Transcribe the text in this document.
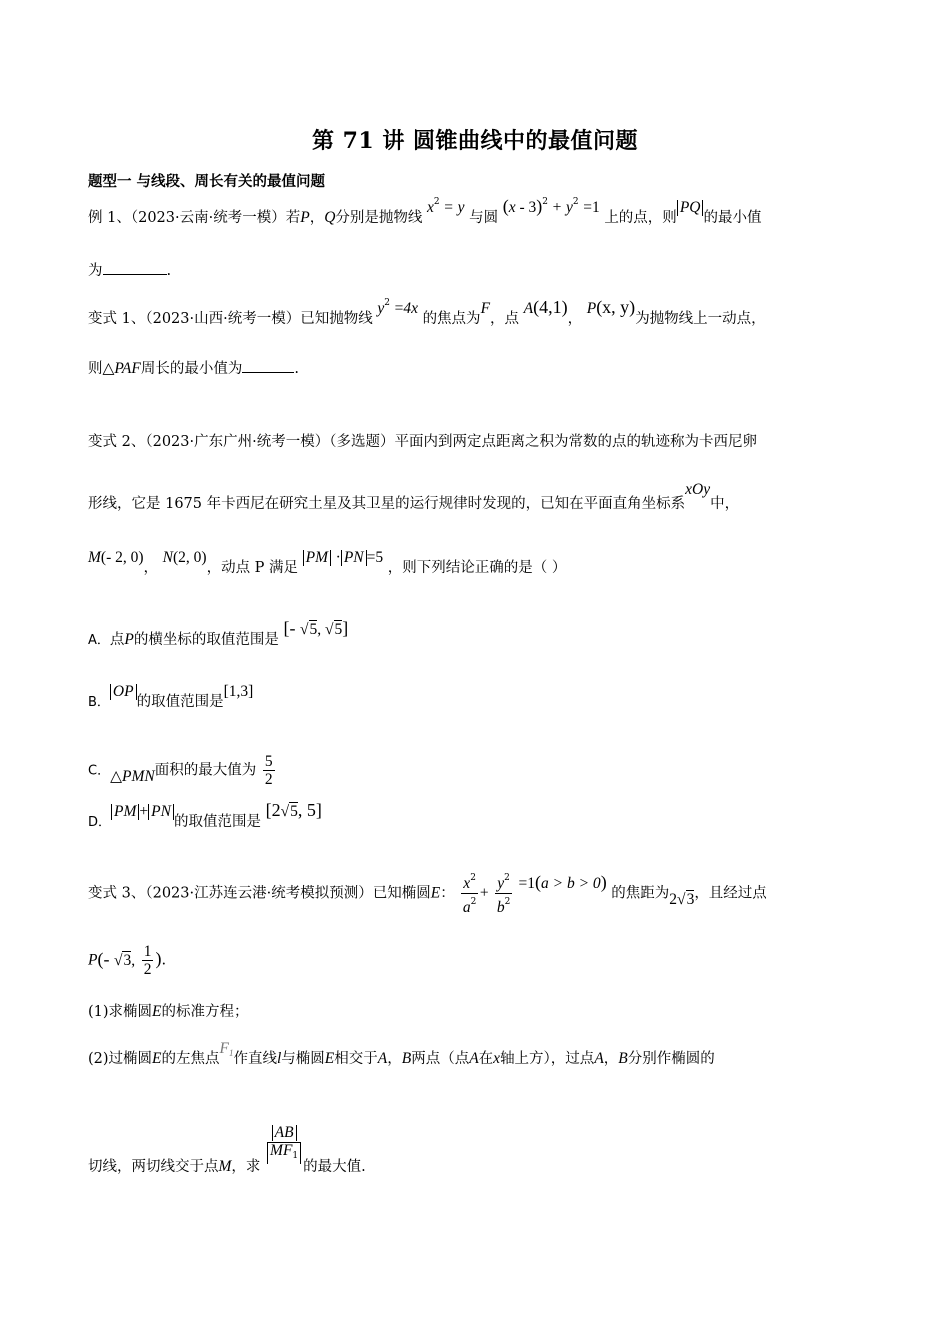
第 71 讲 圆锥曲线中的最值问题
题型一 与线段、周长有关的最值问题
例 1、（2023·云南·统考一模）若P，Q分别是抛物线 $x^2 = y$ 与圆 $(x - 3)^2 + y^2 =1$ 上的点，则PQ的最小值
为	.
变式 1、（2023·山西·统考一模）已知抛物线 $y^2 =4x$ 的焦点为F，点 A(4,1)， P(x, y)为抛物线上一动点，
则△PAF周长的最小值为	.
变式 2、（2023·广东广州·统考一模）（多选题）平面内到两定点距离之积为常数的点的轨迹称为卡西尼卵
形线，它是 1675 年卡西尼在研究土星及其卫星的运行规律时发现的，已知在平面直角坐标系xOy中，
M(- 2, 0)， N(2, 0)，动点 P 满足 PM · PN =5 ，则下列结论正确的是（ ）
A．点P的横坐标的取值范围是 [- √5, √5]
B．OP的取值范围是[1,3]
C．△PMN面积的最大值为 $\frac{5}{2}$
D．PM + PN的取值范围是 [2√5, 5]
变式 3、（2023·江苏连云港·统考模拟预测）已知椭圆E： $\frac{x^2}{a^2} + \frac{y^2}{b^2} =1(a > b > 0)$ 的焦距为2√3，且经过点
P(- √3, $\frac{1}{2}$ ).
(1)求椭圆E的标准方程；
(2)过椭圆E的左焦点$F_1$作直线l与椭圆E相交于A，B两点（点A在x轴上方），过点A，B分别作椭圆的
切线，两切线交于点M，求
$\frac{AB}{MF_1}$
的最大值.
